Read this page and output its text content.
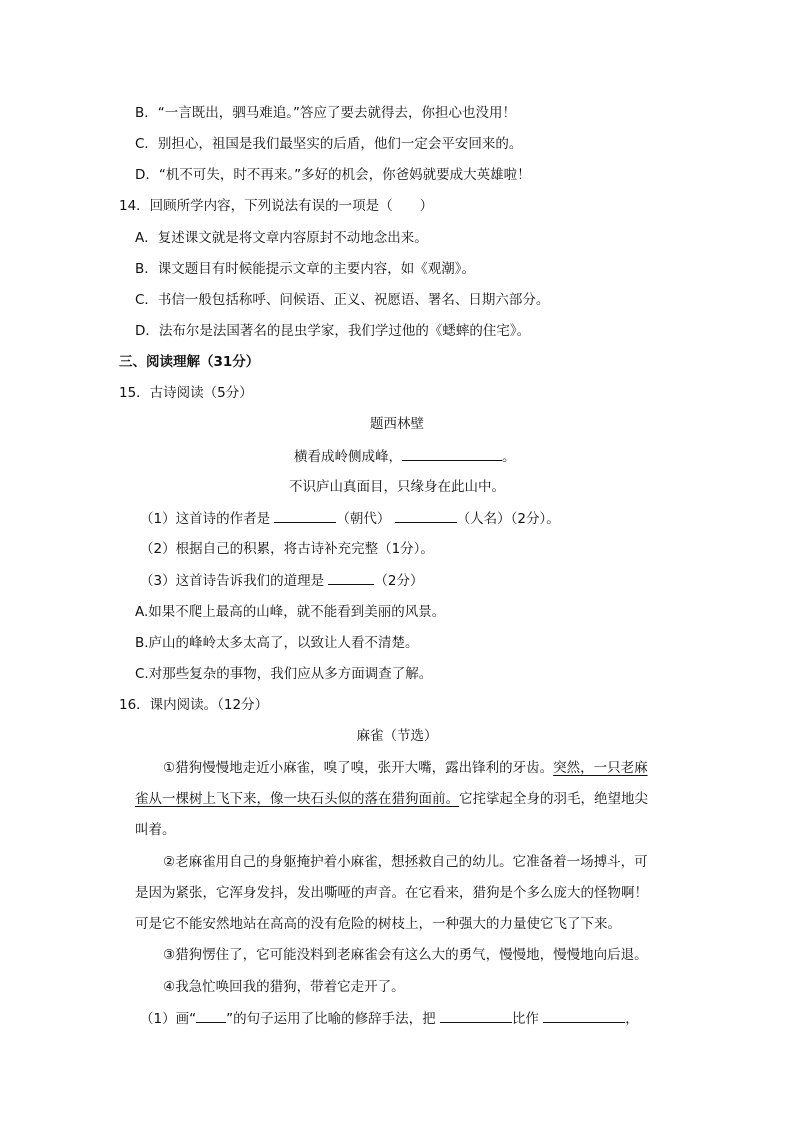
B．“一言既出，驷马难追。”答应了要去就得去，你担心也没用！
C．别担心，祖国是我们最坚实的后盾，他们一定会平安回来的。
D．“机不可失，时不再来。”多好的机会，你爸妈就要成大英雄啦！
14．回顾所学内容，下列说法有误的一项是（　　）
A．复述课文就是将文章内容原封不动地念出来。
B．课文题目有时候能提示文章的主要内容，如《观潮》。
C．书信一般包括称呼、问候语、正义、祝愿语、署名、日期六部分。
D．法布尔是法国著名的昆虫学家，我们学过他的《蟋蟀的住宅》。
三、阅读理解（31分）
15．古诗阅读（5分）
题西林壁
横看成岭侧成峰，	。
不识庐山真面目，只缘身在此山中。
（1）这首诗的作者是	（朝代）	（人名）（2分）。
（2）根据自己的积累，将古诗补充完整（1分）。
（3）这首诗告诉我们的道理是	（2分）
A.如果不爬上最高的山峰，就不能看到美丽的风景。
B.庐山的峰岭太多太高了，以致让人看不清楚。
C.对那些复杂的事物，我们应从多方面调查了解。
16．课内阅读。（12分）
麻雀（节选）
①猎狗慢慢地走近小麻雀，嗅了嗅，张开大嘴，露出锋利的牙齿。突然，一只老麻
雀从一棵树上飞下来，像一块石头似的落在猎狗面前。它挓挲起全身的羽毛，绝望地尖
叫着。
②老麻雀用自己的身躯掩护着小麻雀，想拯救自己的幼儿。它准备着一场搏斗，可
是因为紧张，它浑身发抖，发出嘶哑的声音。在它看来，猎狗是个多么庞大的怪物啊！
可是它不能安然地站在高高的没有危险的树枝上，一种强大的力量使它飞了下来。
③猎狗愣住了，它可能没料到老麻雀会有这么大的勇气，慢慢地，慢慢地向后退。
④我急忙唤回我的猎狗，带着它走开了。
（1）画“ ”的句子运用了比喻的修辞手法，把	比作	，
